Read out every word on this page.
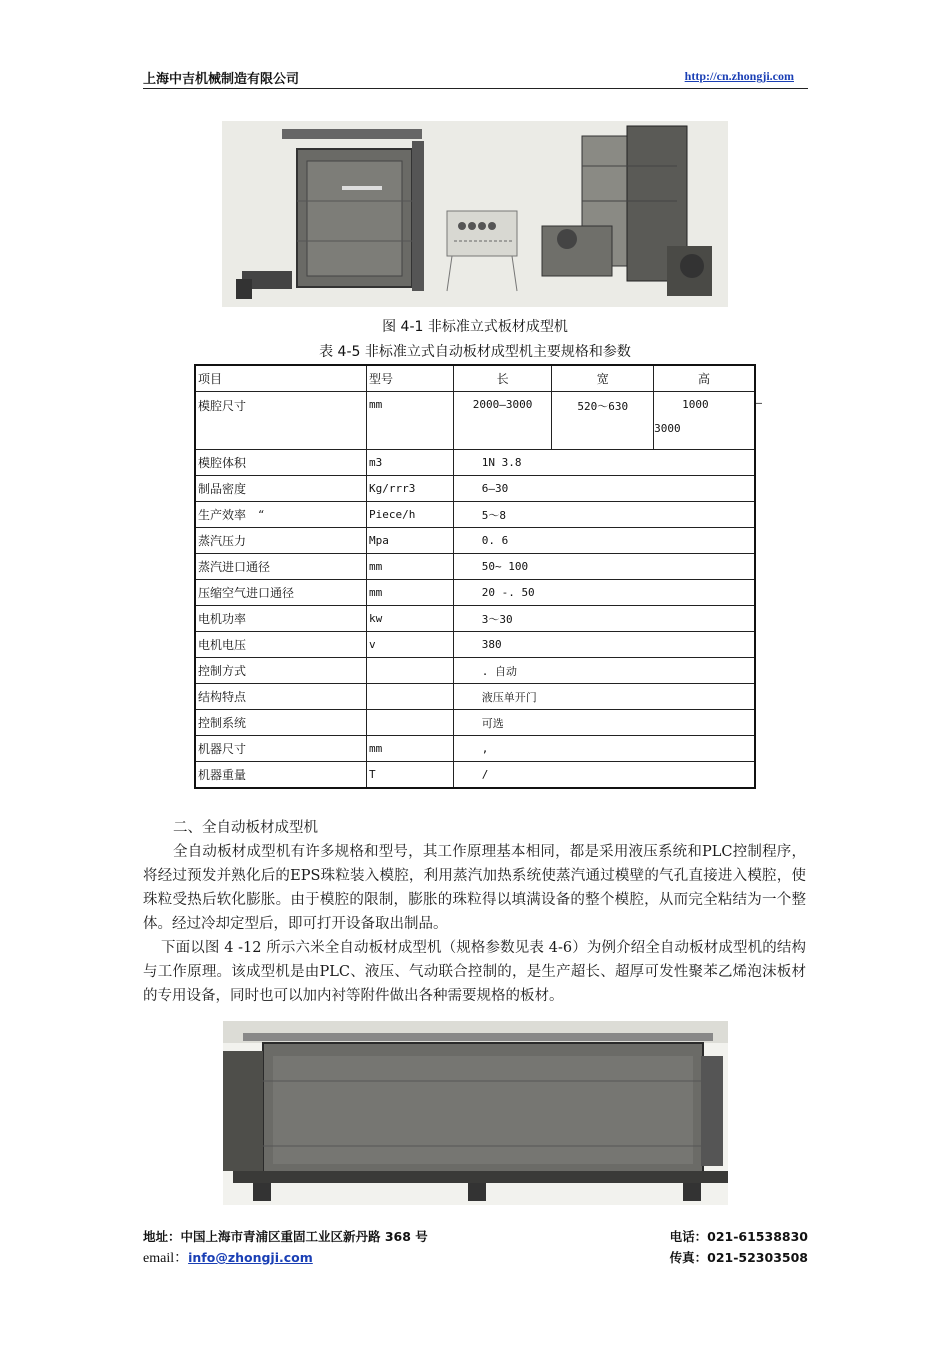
上海中吉机械制造有限公司	http://cn.zhongji.com
图 4-1 非标准立式板材成型机
表 4-5 非标准立式自动板材成型机主要规格和参数
项目	型号	长	宽	高
模腔尺寸	mm	2000—3000	520～630	1000 —
3000

模腔体积	m3	1N 3.8		
制品密度	Kg/rrr3	6—30		
生产效率　“	Piece/h	5～8		
蒸汽压力	Mpa	0. 6		
蒸汽进口通径	mm	50~ 100		
压缩空气进口通径	mm	20 -. 50		
电机功率	kw	3～30		
电机电压	v	380		
控制方式		. 自动		
结构特点		液压单开门		
控制系统		可选		
机器尺寸	mm	,		
机器重量	T	/		

二、全自动板材成型机

全自动板材成型机有许多规格和型号，其工作原理基本相同，都是采用液压系统和PLC控制程序，将经过预发并熟化后的EPS珠粒装入模腔，利用蒸汽加热系统使蒸汽通过模壁的气孔直接进入模腔，使珠粒受热后软化膨胀。由于模腔的限制，膨胀的珠粒得以填满设备的整个模腔，从而完全粘结为一个整体。经过冷却定型后，即可打开设备取出制品。

下面以图 4 -12 所示六米全自动板材成型机（规格参数见表 4-6）为例介绍全自动板材成型机的结构与工作原理。该成型机是由PLC、液压、气动联合控制的，是生产超长、超厚可发性聚苯乙烯泡沫板材的专用设备，同时也可以加内衬等附件做出各种需要规格的板材。

地址：中国上海市青浦区重固工业区新丹路 368 号	电话：021-61538830
email：info@zhongji.com	传真：021-52303508
